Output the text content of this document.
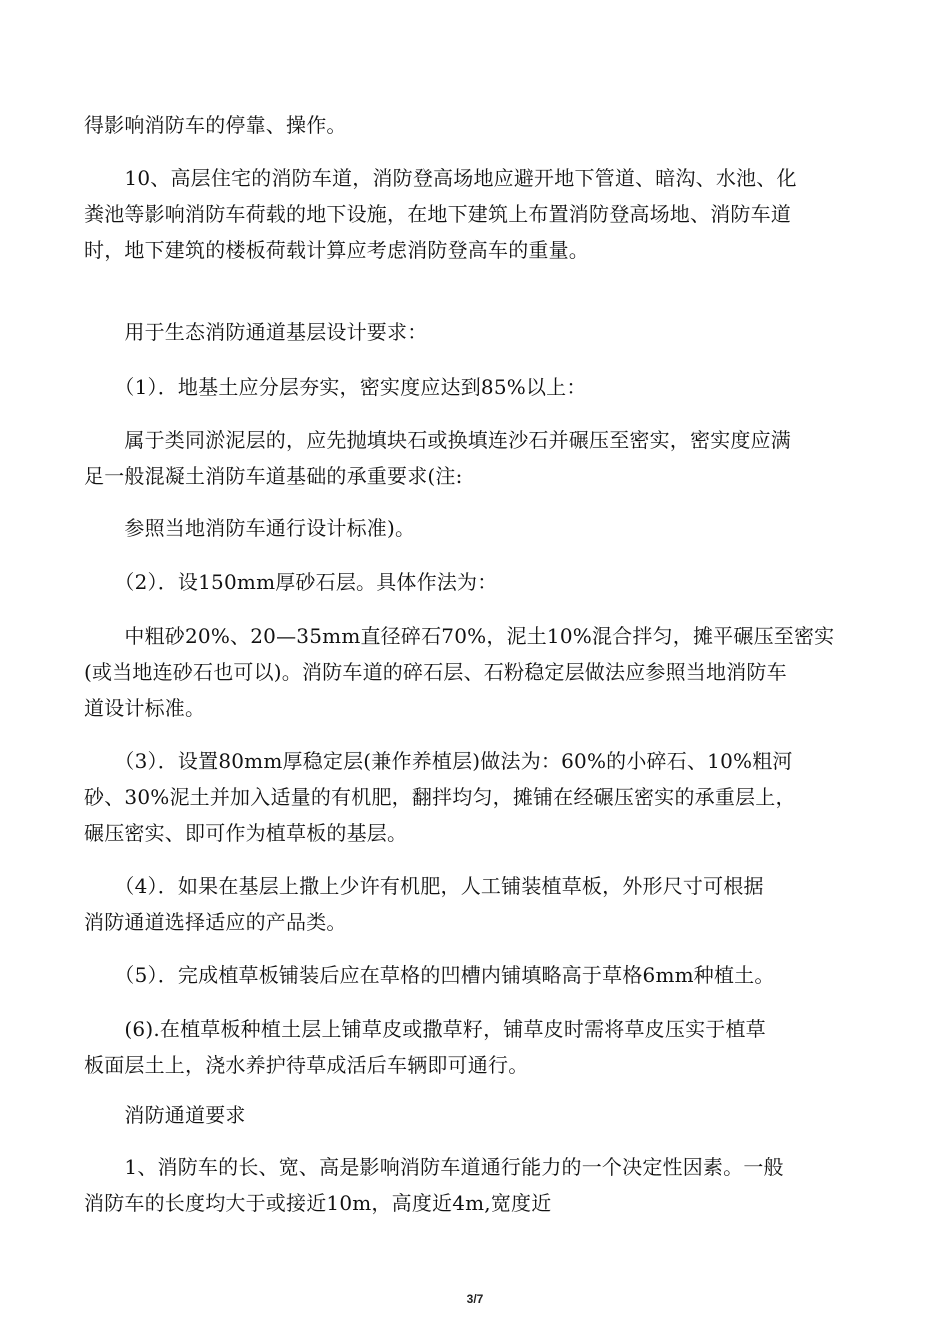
得影响消防车的停靠、操作。

　　10、高层住宅的消防车道，消防登高场地应避开地下管道、暗沟、水池、化

粪池等影响消防车荷载的地下设施，在地下建筑上布置消防登高场地、消防车道

时，地下建筑的楼板荷载计算应考虑消防登高车的重量。

　　用于生态消防通道基层设计要求：

　　（1）．地基土应分层夯实，密实度应达到85%以上：

　　属于类同淤泥层的，应先抛填块石或换填连沙石并碾压至密实，密实度应满

足一般混凝土消防车道基础的承重要求(注:

　　参照当地消防车通行设计标准)。

　　（2）．设150mm厚砂石层。具体作法为：

　　中粗砂20%、20—35mm直径碎石70%，泥土10%混合拌匀，摊平碾压至密实

(或当地连砂石也可以)。消防车道的碎石层、石粉稳定层做法应参照当地消防车

道设计标准。

　　（3）．设置80mm厚稳定层(兼作养植层)做法为：60%的小碎石、10%粗河

砂、30%泥土并加入适量的有机肥，翻拌均匀，摊铺在经碾压密实的承重层上，

碾压密实、即可作为植草板的基层。

　　（4）．如果在基层上撒上少许有机肥，人工铺装植草板，外形尺寸可根据

消防通道选择适应的产品类。

　　（5）．完成植草板铺装后应在草格的凹槽内铺填略高于草格6mm种植土。

　　(6).在植草板种植土层上铺草皮或撒草籽，铺草皮时需将草皮压实于植草

板面层土上，浇水养护待草成活后车辆即可通行。

　　消防通道要求

　　1、消防车的长、宽、高是影响消防车道通行能力的一个决定性因素。一般

消防车的长度均大于或接近10m，高度近4m,宽度近

3/7
